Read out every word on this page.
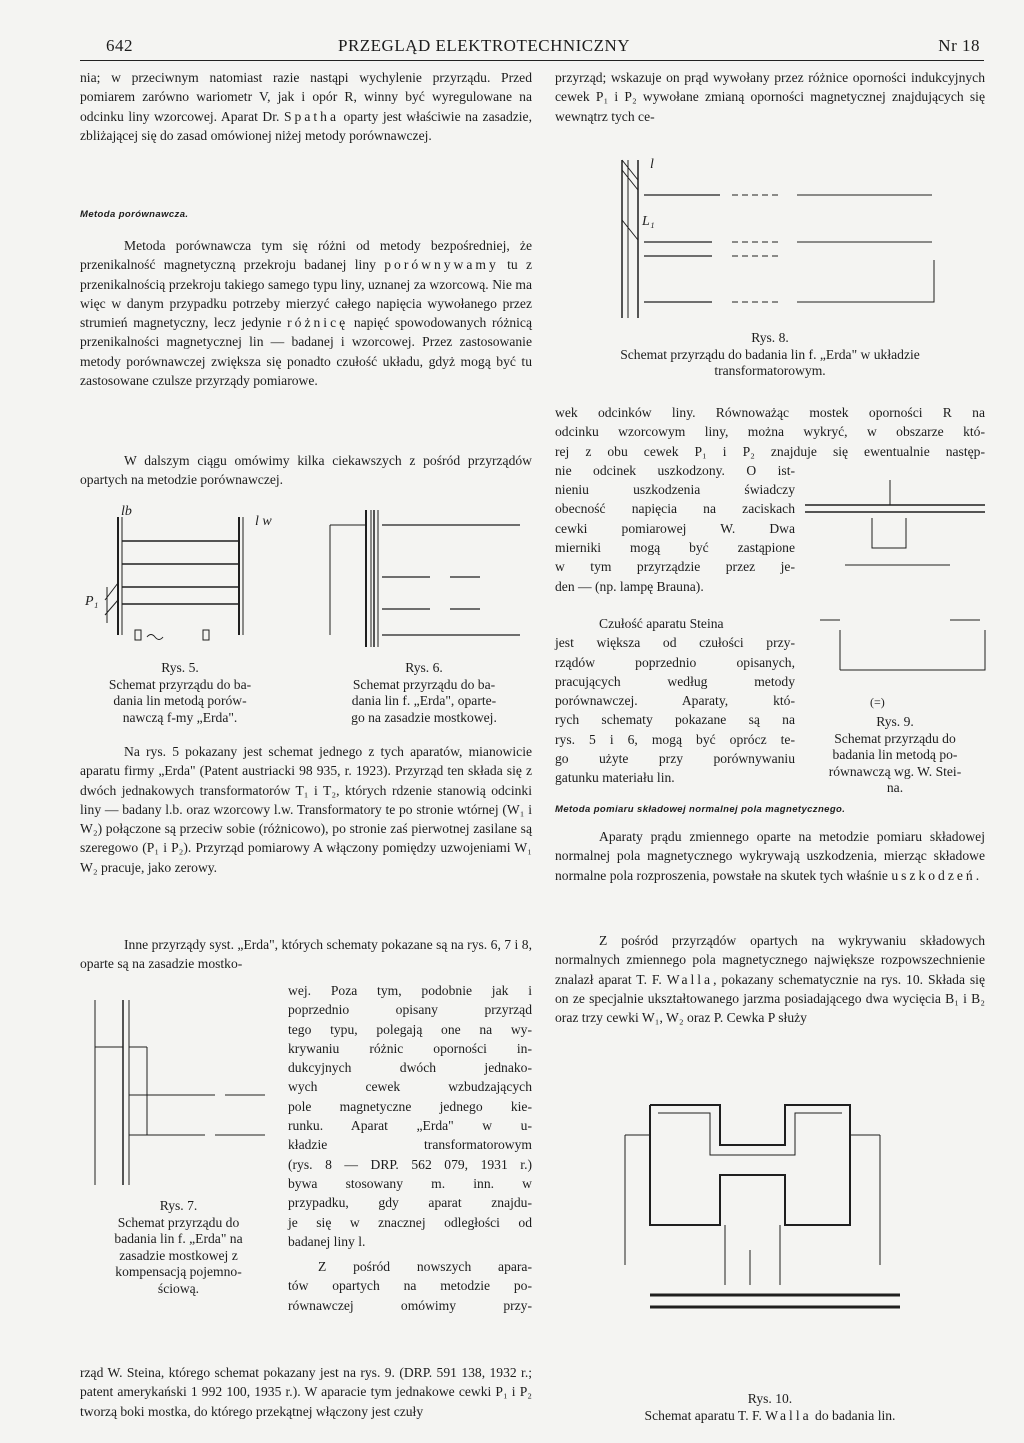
642	PRZEGLĄD ELEKTROTECHNICZNY	Nr 18

nia; w przeciwnym natomiast razie nastąpi wychylenie przyrządu. Przed pomiarem zarówno wariometr V, jak i opór R, winny być wyregulowane na odcinku liny wzorcowej. Aparat Dr. Spatha oparty jest właściwie na zasadzie, zbliżającej się do zasad omówionej niżej metody porównawczej.

Metoda porównawcza.

Metoda porównawcza tym się różni od metody bezpośredniej, że przenikalność magnetyczną przekroju badanej liny porównywamy tu z przenikalnością przekroju takiego samego typu liny, uznanej za wzorcową. Nie ma więc w danym przypadku potrzeby mierzyć całego napięcia wywołanego przez strumień magnetyczny, lecz jedynie różnicę napięć spowodowanych różnicą przenikalności magnetycznej lin — badanej i wzorcowej. Przez zastosowanie metody porównawczej zwiększa się ponadto czułość układu, gdyż mogą być tu zastosowane czulsze przyrządy pomiarowe.

W dalszym ciągu omówimy kilka ciekawszych z pośród przyrządów opartych na metodzie porównawczej.

lb
l w
P₁

Rys. 5.

Schemat przyrządu do ba-

dania lin metodą porów-

nawczą f-my „Erda".

Rys. 6.

Schemat przyrządu do ba-

dania lin f. „Erda", oparte-

go na zasadzie mostkowej.

Na rys. 5 pokazany jest schemat jednego z tych aparatów, mianowicie aparatu firmy „Erda" (Patent austriacki 98 935, r. 1923). Przyrząd ten składa się z dwóch jednakowych transformatorów T₁ i T₂, których rdzenie stanowią odcinki liny — badany l.b. oraz wzorcowy l.w. Transformatory te po stronie wtórnej (W₁ i W₂) połączone są przeciw sobie (różnicowo), po stronie zaś pierwotnej zasilane są szeregowo (P₁ i P₂). Przyrząd pomiarowy A włączony pomiędzy uzwojeniami W₁ W₂ pracuje, jako zerowy.

Inne przyrządy syst. „Erda", których schematy pokazane są na rys. 6, 7 i 8, oparte są na zasadzie mostko-

Rys. 7.

Schemat przyrządu do

badania lin f. „Erda" na

zasadzie mostkowej z

kompensacją pojemno-

ściową.

wej. Poza tym, podobnie jak i

poprzednio opisany przyrząd

tego typu, polegają one na wy-

krywaniu różnic oporności in-

dukcyjnych dwóch jednako-

wych cewek wzbudzających

pole magnetyczne jednego kie-

runku. Aparat „Erda" w u-

kładzie transformatorowym

(rys. 8 — DRP. 562 079, 1931 r.)

bywa stosowany m. inn. w

przypadku, gdy aparat znajdu-

je się w znacznej odległości od

badanej liny l.

Z pośród nowszych apara-

tów opartych na metodzie po-

równawczej omówimy przy-

rząd W. Steina, którego schemat pokazany jest na rys. 9. (DRP. 591 138, 1932 r.; patent amerykański 1 992 100, 1935 r.). W aparacie tym jednakowe cewki P₁ i P₂ tworzą boki mostka, do którego przekątnej włączony jest czuły

przyrząd; wskazuje on prąd wywołany przez różnice oporności indukcyjnych cewek P₁ i P₂ wywołane zmianą oporności magnetycznej znajdujących się wewnątrz tych ce-

l
L₁

Rys. 8.

Schemat przyrządu do badania lin f. „Erda" w układzie

transformatorowym.

wek odcinków liny. Równoważąc mostek oporności R na

odcinku wzorcowym liny, można wykryć, w obszarze któ-

rej z obu cewek P₁ i P₂ znajduje się ewentualnie następ-

nie odcinek uszkodzony. O ist-

nieniu uszkodzenia świadczy

obecność napięcia na zaciskach

cewki pomiarowej W. Dwa

mierniki mogą być zastąpione

w tym przyrządzie przez je-

den — (np. lampę Brauna).

Czułość aparatu Steina

jest większa od czułości przy-

rządów poprzednio opisanych,

pracujących według metody

porównawczej. Aparaty, któ-

rych schematy pokazane są na

rys. 5 i 6, mogą być oprócz te-

go użyte przy porównywaniu

gatunku materiału lin.

(=)

Rys. 9.

Schemat przyrządu do

badania lin metodą po-

równawczą wg. W. Stei-

na.

Metoda pomiaru składowej normalnej pola magnetycznego.

Aparaty prądu zmiennego oparte na metodzie pomiaru składowej normalnej pola magnetycznego wykrywają uszkodzenia, mierząc składowe normalne pola rozproszenia, powstałe na skutek tych właśnie uszkodzeń.

Z pośród przyrządów opartych na wykrywaniu składowych normalnych zmiennego pola magnetycznego największe rozpowszechnienie znalazł aparat T. F. Walla, pokazany schematycznie na rys. 10. Składa się on ze specjalnie ukształtowanego jarzma posiadającego dwa wycięcia B₁ i B₂ oraz trzy cewki W₁, W₂ oraz P. Cewka P służy

Rys. 10.

Schemat aparatu T. F. Walla do badania lin.
